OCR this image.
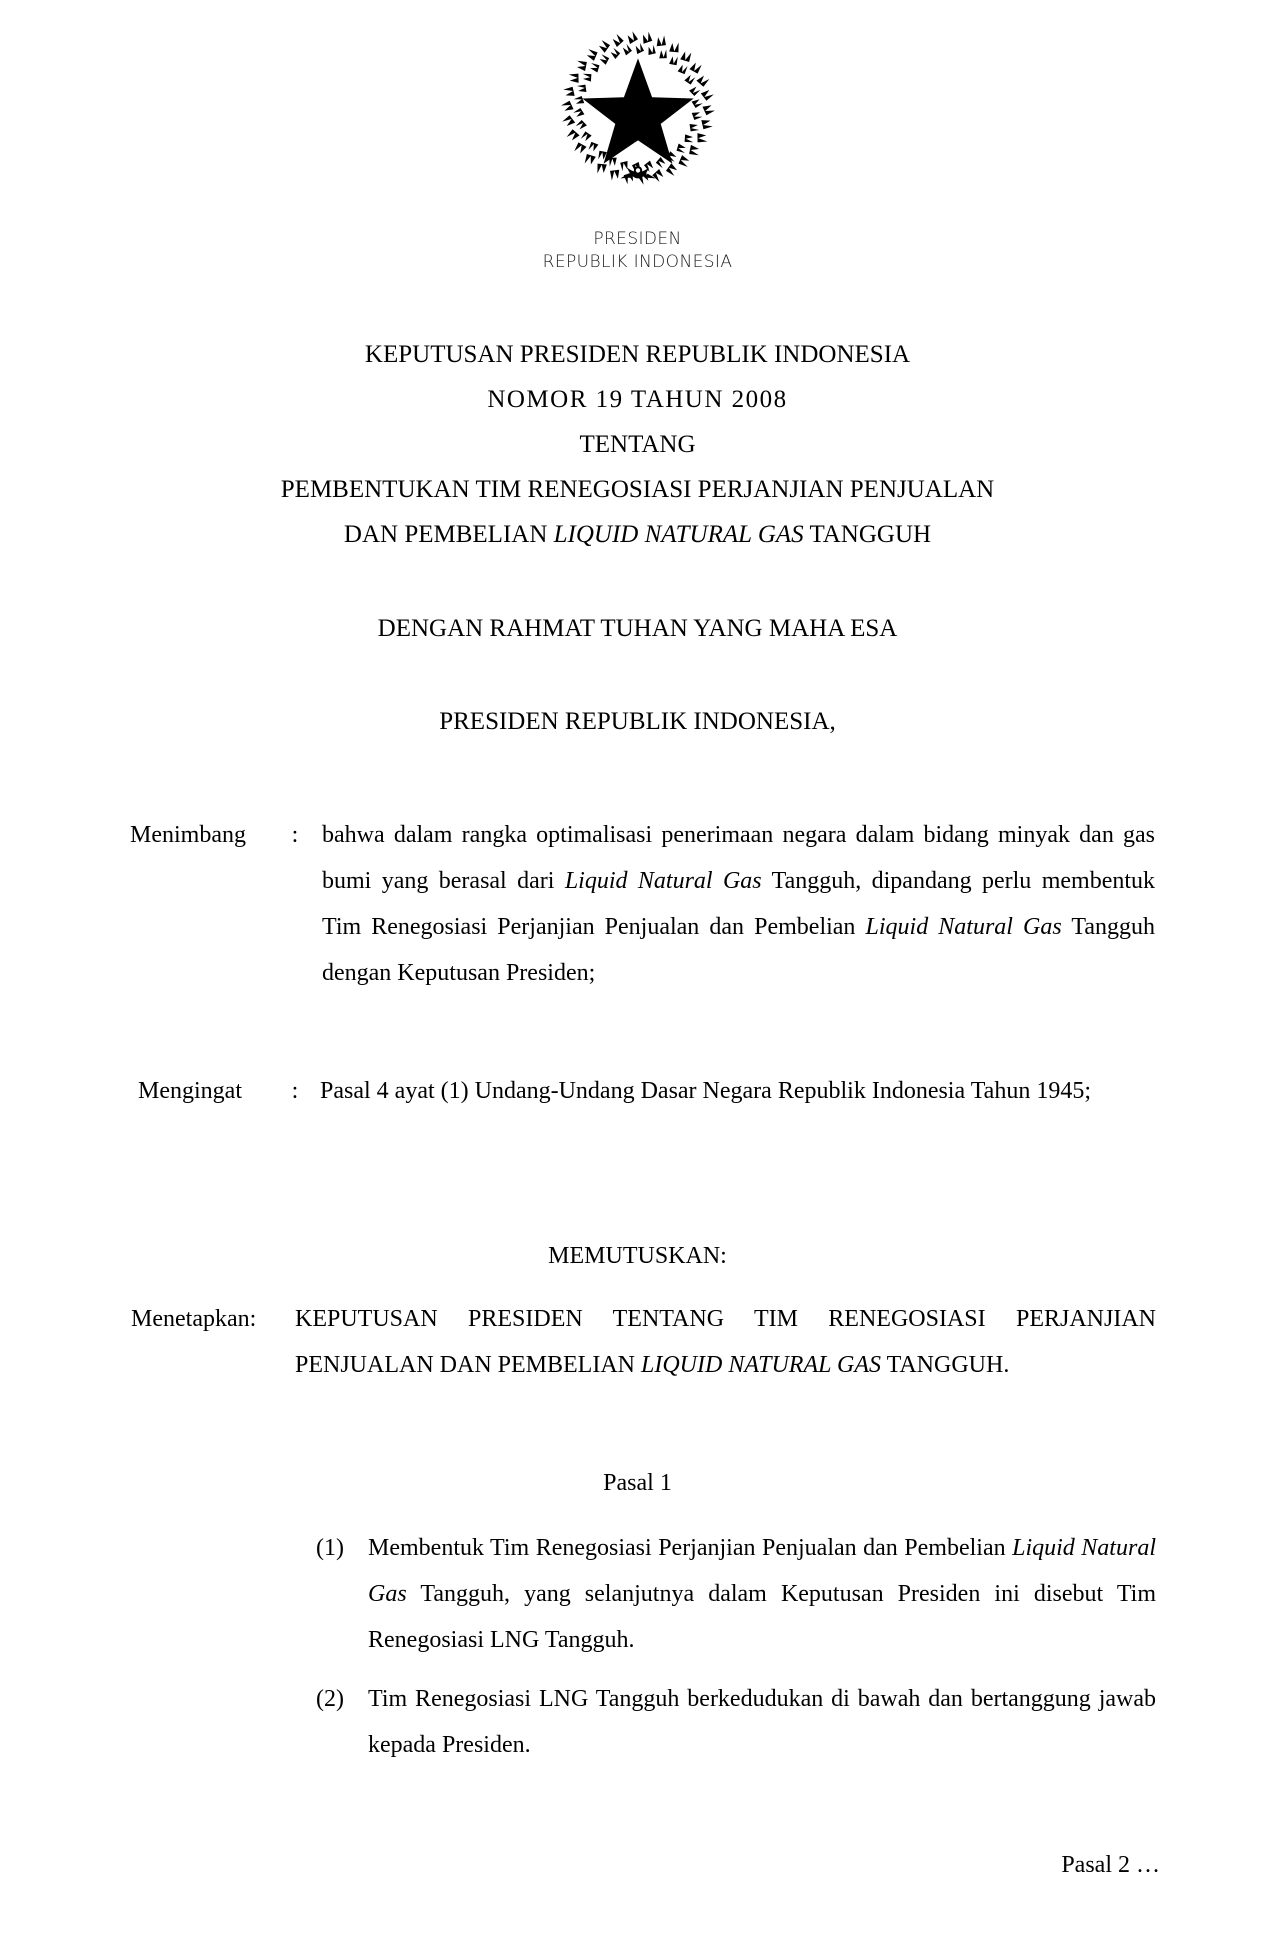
PRESIDEN
REPUBLIK INDONESIA
KEPUTUSAN PRESIDEN REPUBLIK INDONESIA
NOMOR 19 TAHUN 2008
TENTANG
PEMBENTUKAN TIM RENEGOSIASI PERJANJIAN PENJUALAN
DAN PEMBELIAN LIQUID NATURAL GAS TANGGUH
DENGAN RAHMAT TUHAN YANG MAHA ESA
PRESIDEN REPUBLIK INDONESIA,
Menimbang	: bahwa dalam rangka optimalisasi penerimaan negara dalam bidang minyak dan gas bumi yang berasal dari Liquid Natural Gas Tangguh, dipandang perlu membentuk Tim Renegosiasi Perjanjian Penjualan dan Pembelian Liquid Natural Gas Tangguh dengan Keputusan Presiden;
Mengingat	: Pasal 4 ayat (1) Undang-Undang Dasar Negara Republik Indonesia Tahun 1945;
MEMUTUSKAN:
Menetapkan:	KEPUTUSAN PRESIDEN TENTANG TIM RENEGOSIASI PERJANJIAN PENJUALAN DAN PEMBELIAN LIQUID NATURAL GAS TANGGUH.
Pasal 1
(1)	Membentuk Tim Renegosiasi Perjanjian Penjualan dan Pembelian Liquid Natural Gas Tangguh, yang selanjutnya dalam Keputusan Presiden ini disebut Tim Renegosiasi LNG Tangguh.
(2)	Tim Renegosiasi LNG Tangguh berkedudukan di bawah dan bertanggung jawab kepada Presiden.
Pasal 2 …
